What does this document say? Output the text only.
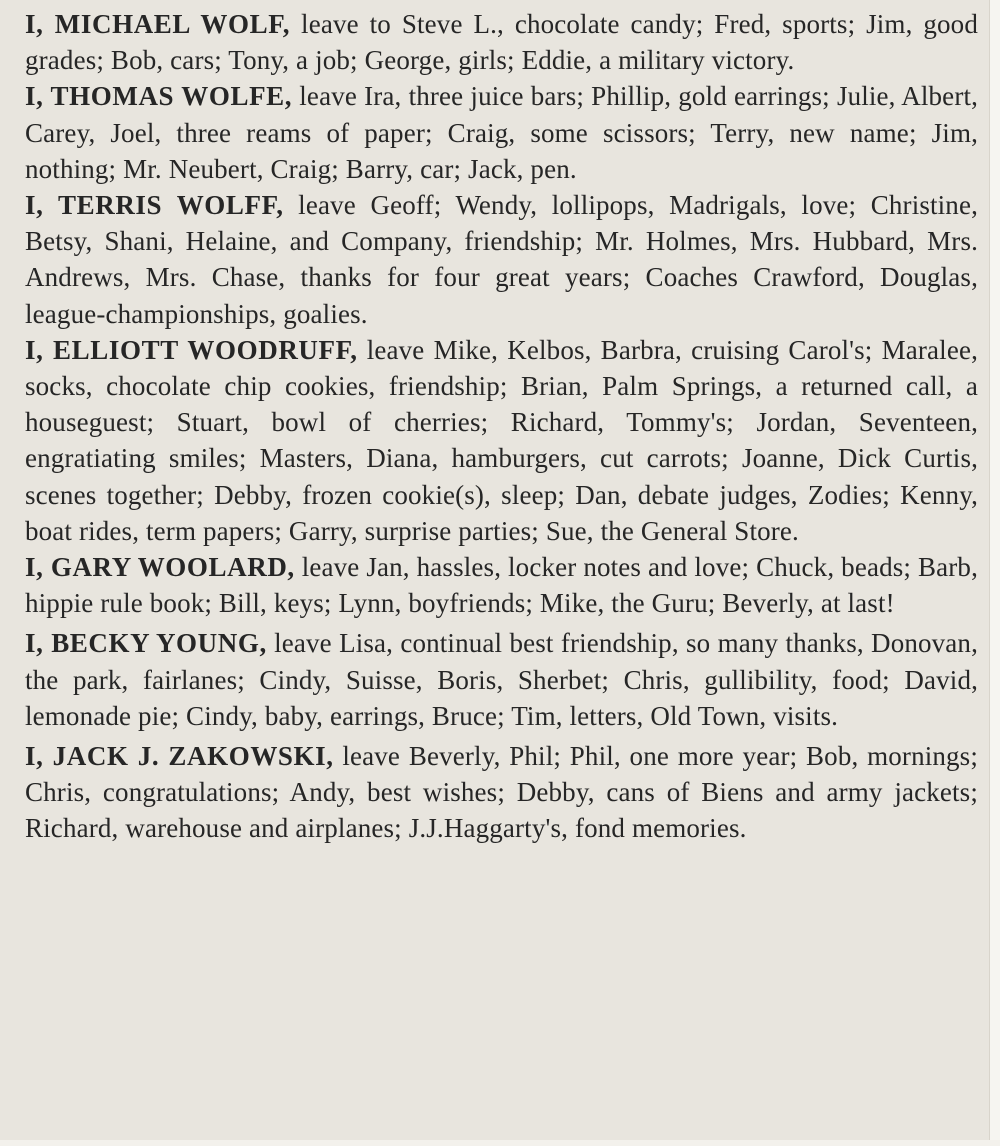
I, MICHAEL WOLF, leave to Steve L., chocolate candy; Fred, sports; Jim, good grades; Bob, cars; Tony, a job; George, girls; Eddie, a military victory.

I, THOMAS WOLFE, leave Ira, three juice bars; Phillip, gold earrings; Julie, Albert, Carey, Joel, three reams of paper; Craig, some scissors; Terry, new name; Jim, nothing; Mr. Neubert, Craig; Barry, car; Jack, pen.

I, TERRIS WOLFF, leave Geoff; Wendy, lollipops, Madrigals, love; Christine, Betsy, Shani, Helaine, and Company, friendship; Mr. Holmes, Mrs. Hubbard, Mrs. Andrews, Mrs. Chase, thanks for four great years; Coaches Crawford, Douglas, league-championships, goalies.

I, ELLIOTT WOODRUFF, leave Mike, Kelbos, Barbra, cruising Carol's; Maralee, socks, chocolate chip cookies, friendship; Brian, Palm Springs, a returned call, a houseguest; Stuart, bowl of cherries; Richard, Tommy's; Jordan, Seventeen, engratiating smiles; Masters, Diana, hamburgers, cut carrots; Joanne, Dick Curtis, scenes together; Debby, frozen cookie(s), sleep; Dan, debate judges, Zodies; Kenny, boat rides, term papers; Garry, surprise parties; Sue, the General Store.

I, GARY WOOLARD, leave Jan, hassles, locker notes and love; Chuck, beads; Barb, hippie rule book; Bill, keys; Lynn, boyfriends; Mike, the Guru; Beverly, at last!

I, BECKY YOUNG, leave Lisa, continual best friendship, so many thanks, Donovan, the park, fairlanes; Cindy, Suisse, Boris, Sherbet; Chris, gullibility, food; David, lemonade pie; Cindy, baby, earrings, Bruce; Tim, letters, Old Town, visits.

I, JACK J. ZAKOWSKI, leave Beverly, Phil; Phil, one more year; Bob, mornings; Chris, congratulations; Andy, best wishes; Debby, cans of Biens and army jackets; Richard, warehouse and airplanes; J.J.Haggarty's, fond memories.
